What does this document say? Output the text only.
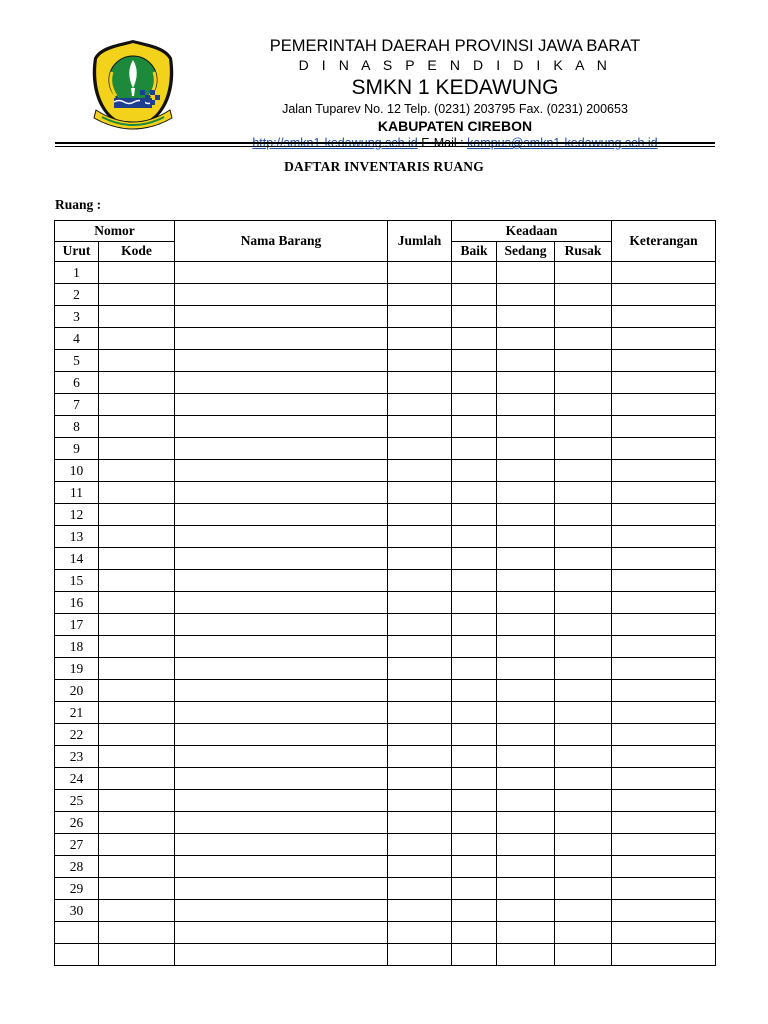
PEMERINTAH DAERAH PROVINSI JAWA BARAT
D I N A S P E N D I D I K A N
SMKN 1 KEDAWUNG
Jalan Tuparev No. 12 Telp. (0231) 203795 Fax. (0231) 200653
KABUPATEN CIREBON
DAFTAR INVENTARIS RUANG
Ruang :
Nomor		Nama Barang	Jumlah	Keadaan			Keterangan
Urut	Kode			Baik	Sedang	Rusak	
1							
2							
3							
4							
5							
6							
7							
8							
9							
10							
11							
12							
13							
14							
15							
16							
17							
18							
19							
20							
21							
22							
23							
24							
25							
26							
27							
28							
29							
30							
